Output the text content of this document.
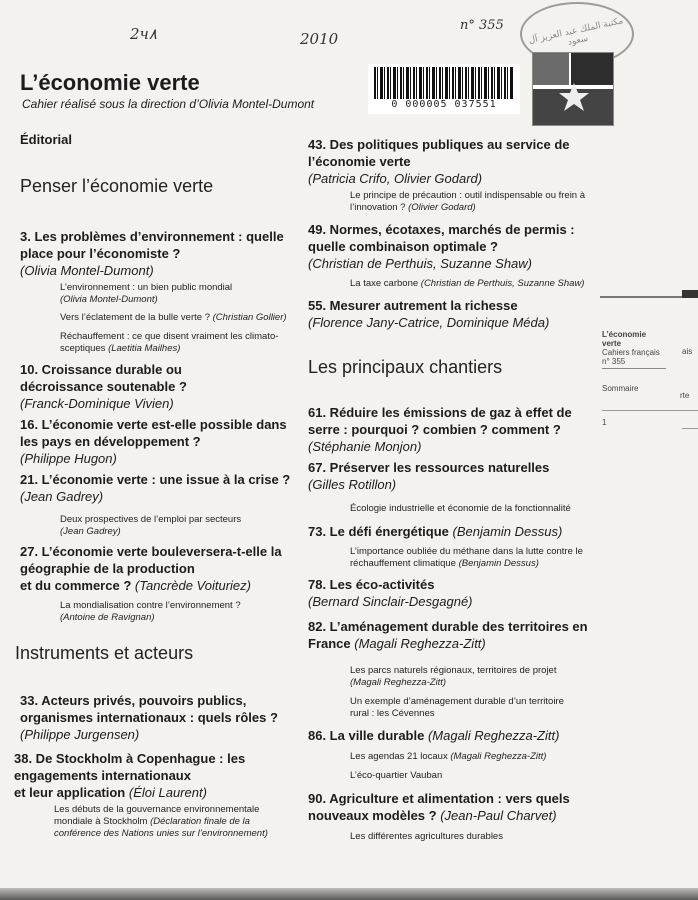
2ч٨	2010
n° 355	مكتبة الملك عبد العزيز آل سعود
0 000005 037551
L’économie verte
Cahier réalisé sous la direction d’Olivia Montel-Dumont
Éditorial
Penser l’économie verte
3. Les problèmes d’environnement : quelle place pour l’économiste ?
(Olivia Montel-Dumont)
L’environnement : un bien public mondial
(Olivia Montel-Dumont)
Vers l’éclatement de la bulle verte ? (Christian Gollier)
Réchauffement : ce que disent vraiment les climato-sceptiques (Laetitia Mailhes)
10. Croissance durable ou décroissance soutenable ?
(Franck-Dominique Vivien)
16. L’économie verte est-elle possible dans les pays en développement ?
(Philippe Hugon)
21. L’économie verte : une issue à la crise ?
(Jean Gadrey)
Deux prospectives de l’emploi par secteurs
(Jean Gadrey)
27. L’économie verte bouleversera-t-elle la géographie de la production
et du commerce ? (Tancrède Voituriez)
La mondialisation contre l’environnement ?
(Antoine de Ravignan)
Instruments et acteurs
33. Acteurs privés, pouvoirs publics, organismes internationaux : quels rôles ?
(Philippe Jurgensen)
38. De Stockholm à Copenhague : les engagements internationaux
et leur application (Éloi Laurent)
Les débuts de la gouvernance environnementale mondiale à Stockholm (Déclaration finale de la conférence des Nations unies sur l’environnement)
43. Des politiques publiques au service de l’économie verte
(Patricia Crifo, Olivier Godard)
Le principe de précaution : outil indispensable ou frein à l’innovation ? (Olivier Godard)
49. Normes, écotaxes, marchés de permis : quelle combinaison optimale ?
(Christian de Perthuis, Suzanne Shaw)
La taxe carbone (Christian de Perthuis, Suzanne Shaw)
55. Mesurer autrement la richesse
(Florence Jany-Catrice, Dominique Méda)
Les principaux chantiers
61. Réduire les émissions de gaz à effet de serre : pourquoi ? combien ? comment ?
(Stéphanie Monjon)
67. Préserver les ressources naturelles
(Gilles Rotillon)
Écologie industrielle et économie de la fonctionnalité
73. Le défi énergétique (Benjamin Dessus)
L’importance oubliée du méthane dans la lutte contre le réchauffement climatique (Benjamin Dessus)
78. Les éco-activités
(Bernard Sinclair-Desgagné)
82. L’aménagement durable des territoires en France (Magali Reghezza-Zitt)
Les parcs naturels régionaux, territoires de projet
(Magali Reghezza-Zitt)
Un exemple d’aménagement durable d’un territoire rural : les Cévennes
86. La ville durable (Magali Reghezza-Zitt)
Les agendas 21 locaux (Magali Reghezza-Zitt)
L’éco-quartier Vauban
90. Agriculture et alimentation : vers quels nouveaux modèles ? (Jean-Paul Charvet)
Les différentes agricultures durables
L’économie
verte
Cahiers français
n° 355
Sommaire
1
ais
rte
